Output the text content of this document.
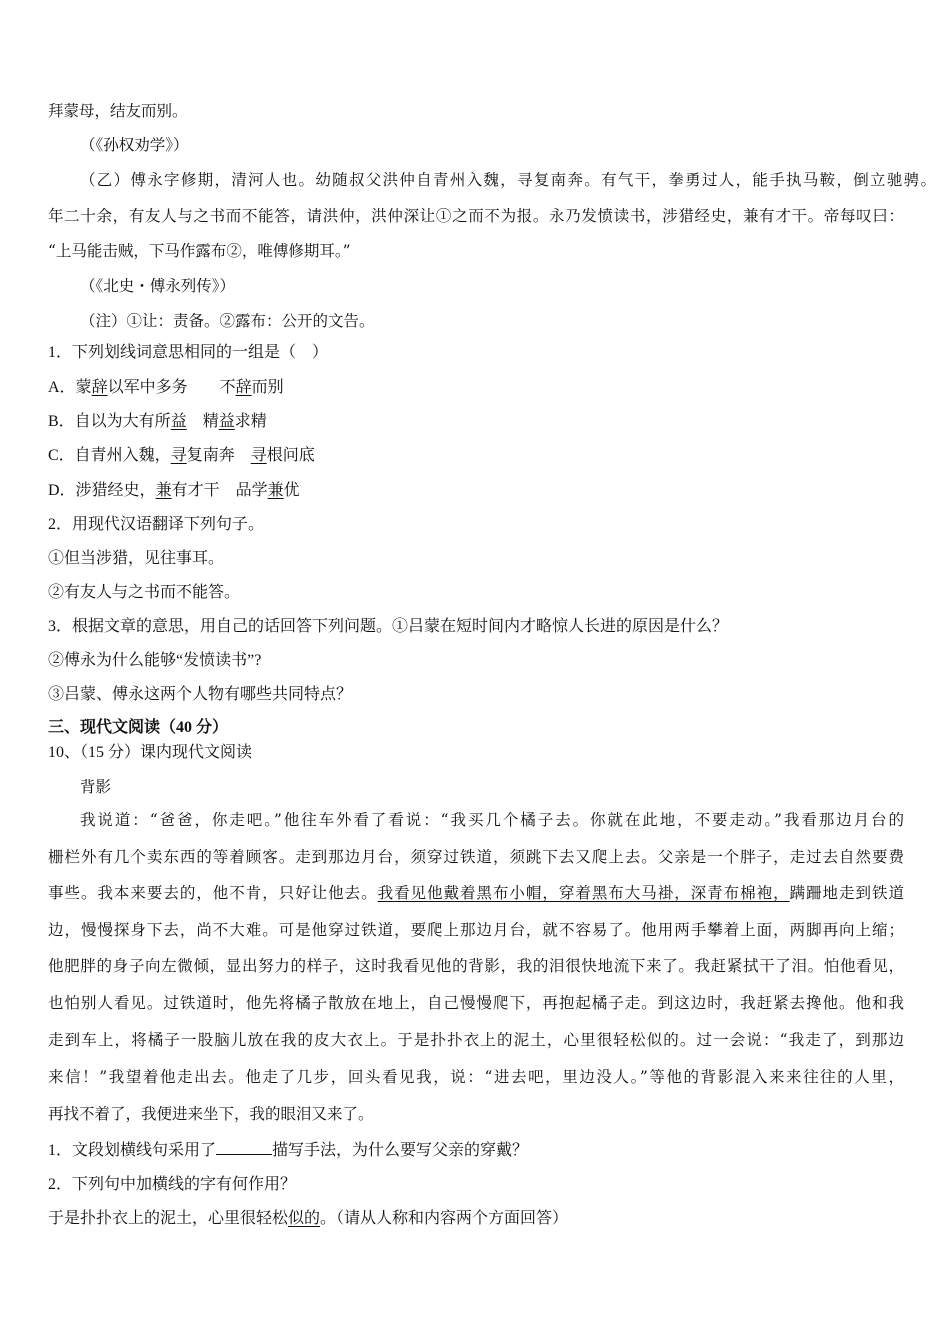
拜蒙母，结友而别。
（《孙权劝学》）
（乙）傅永字修期，清河人也。幼随叔父洪仲自青州入魏，寻复南奔。有气干，拳勇过人，能手执马鞍，倒立驰骋。
年二十余，有友人与之书而不能答，请洪仲，洪仲深让①之而不为报。永乃发愤读书，涉猎经史，兼有才干。帝每叹曰：
“上马能击贼，下马作露布②，唯傅修期耳。”
（《北史・傅永列传》）
（注）①让：责备。②露布：公开的文告。
1．下列划线词意思相同的一组是（　）
A．蒙辞以军中多务　　不辞而别
B．自以为大有所益　精益求精
C．自青州入魏，寻复南奔　寻根问底
D．涉猎经史，兼有才干　品学兼优
2．用现代汉语翻译下列句子。
①但当涉猎，见往事耳。
②有友人与之书而不能答。
3．根据文章的意思，用自己的话回答下列问题。①吕蒙在短时间内才略惊人长进的原因是什么？
②傅永为什么能够“发愤读书”?
③吕蒙、傅永这两个人物有哪些共同特点？
三、现代文阅读（40 分）
10、（15 分）课内现代文阅读
背影
我说道：“爸爸，你走吧。”他往车外看了看说：“我买几个橘子去。你就在此地，不要走动。”我看那边月台的
栅栏外有几个卖东西的等着顾客。走到那边月台，须穿过铁道，须跳下去又爬上去。父亲是一个胖子，走过去自然要费
事些。我本来要去的，他不肯，只好让他去。我看见他戴着黑布小帽，穿着黑布大马褂，深青布棉袍，蹒跚地走到铁道
边，慢慢探身下去，尚不大难。可是他穿过铁道，要爬上那边月台，就不容易了。他用两手攀着上面，两脚再向上缩；
他肥胖的身子向左微倾，显出努力的样子，这时我看见他的背影，我的泪很快地流下来了。我赶紧拭干了泪。怕他看见，
也怕别人看见。过铁道时，他先将橘子散放在地上，自己慢慢爬下，再抱起橘子走。到这边时，我赶紧去搀他。他和我
走到车上，将橘子一股脑儿放在我的皮大衣上。于是扑扑衣上的泥土，心里很轻松似的。过一会说：“我走了，到那边
来信！”我望着他走出去。他走了几步，回头看见我，说：“进去吧，里边没人。”等他的背影混入来来往往的人里，
再找不着了，我便进来坐下，我的眼泪又来了。
1．文段划横线句采用了	描写手法，为什么要写父亲的穿戴？
2．下列句中加横线的字有何作用？
于是扑扑衣上的泥土，心里很轻松似的。（请从人称和内容两个方面回答）
